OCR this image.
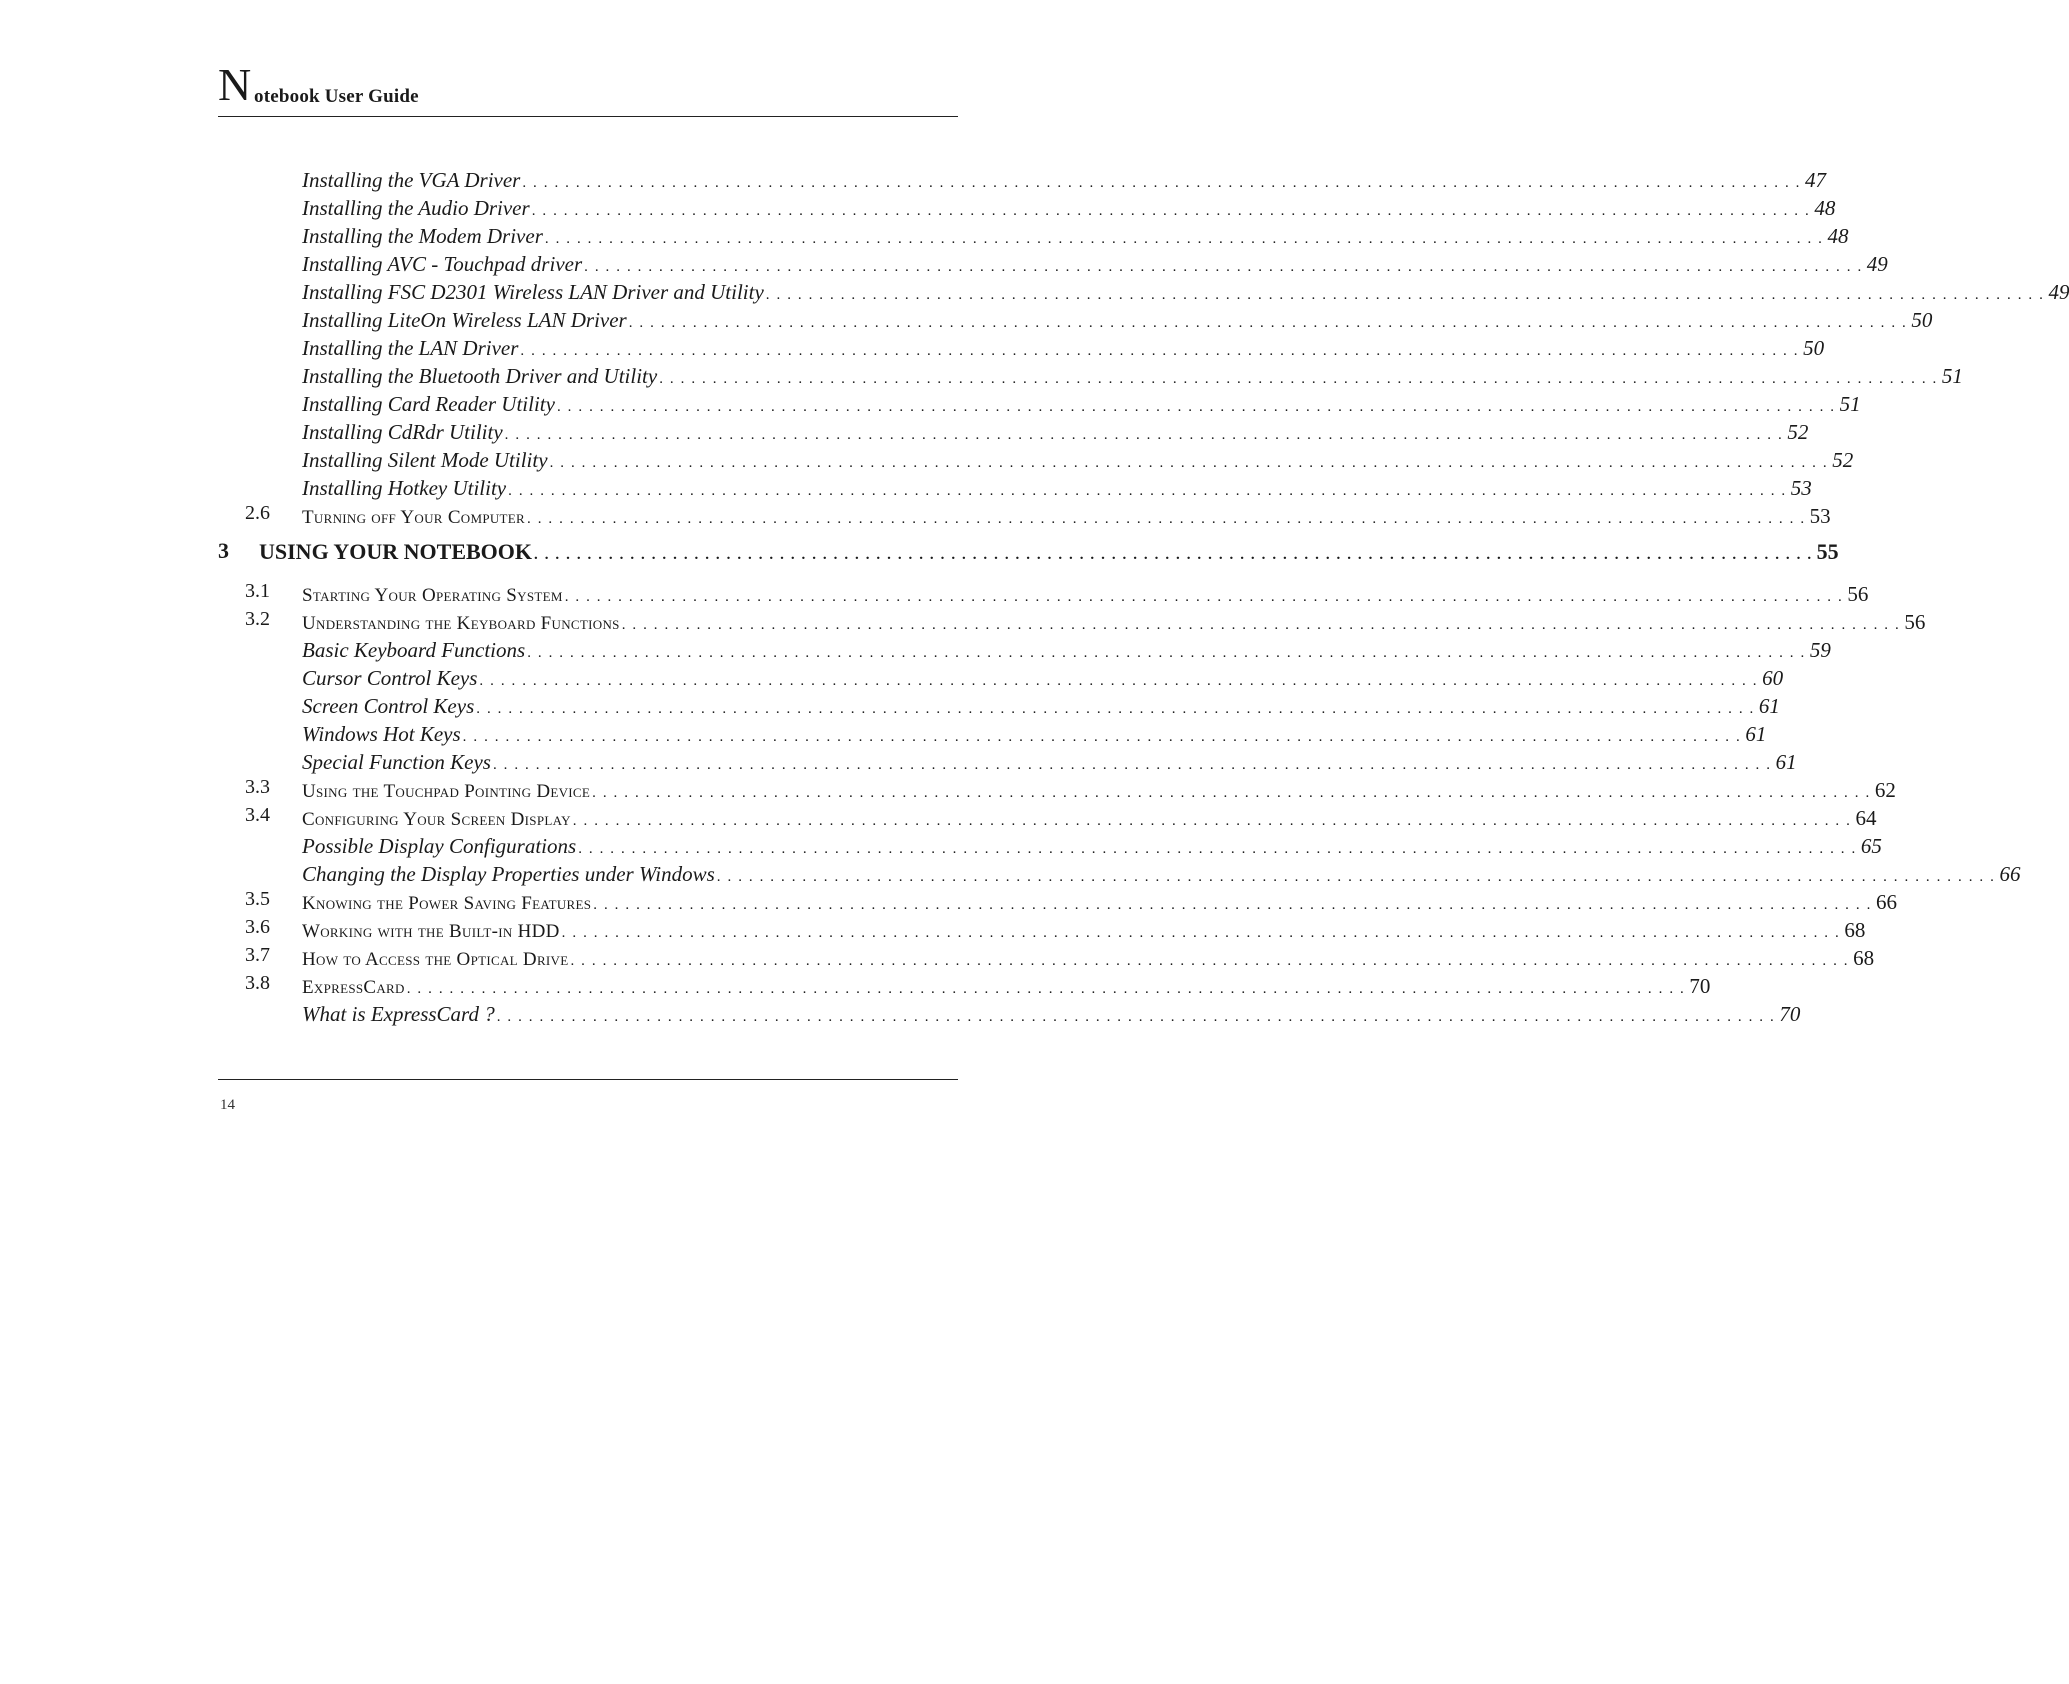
N otebook User Guide
Installing the VGA Driver . . . . . . . . . . . . . . . . . . . . . . . . . . . . . . . . . . . . . . . . . . . . . . . . . . . . . . . . . . . . . . . . . . . . . . . . . . . . . . . . . . . . . . . . . . . . . . . . . . . . . . . . . . . . . . . . . . . . . . . . 47
Installing the Audio Driver . . . . . . . . . . . . . . . . . . . . . . . . . . . . . . . . . . . . . . . . . . . . . . . . . . . . . . . . . . . . . . . . . . . . . . . . . . . . . . . . . . . . . . . . . . . . . . . . . . . . . . . . . . . . . . . . . . . . . . . . 48
Installing the Modem Driver . . . . . . . . . . . . . . . . . . . . . . . . . . . . . . . . . . . . . . . . . . . . . . . . . . . . . . . . . . . . . . . . . . . . . . . . . . . . . . . . . . . . . . . . . . . . . . . . . . . . . . . . . . . . . . . . . . . . . . . . 48
Installing AVC - Touchpad driver . . . . . . . . . . . . . . . . . . . . . . . . . . . . . . . . . . . . . . . . . . . . . . . . . . . . . . . . . . . . . . . . . . . . . . . . . . . . . . . . . . . . . . . . . . . . . . . . . . . . . . . . . . . . . . . . . . . . . . . . 49
Installing FSC D2301 Wireless LAN Driver and Utility . . . . . . . . . . . . . . . . . . . . . . . . . . . . . . . . . . . . . . . . . . . . . . . . . . . . . . . . . . . . . . . . . . . . . . . . . . . . . . . . . . . . . . . . . . . . . . . . . . . . . . . . . . . . . . . . . . . . . . . . 49
Installing LiteOn Wireless LAN Driver . . . . . . . . . . . . . . . . . . . . . . . . . . . . . . . . . . . . . . . . . . . . . . . . . . . . . . . . . . . . . . . . . . . . . . . . . . . . . . . . . . . . . . . . . . . . . . . . . . . . . . . . . . . . . . . . . . . . . . . . 50
Installing the LAN Driver . . . . . . . . . . . . . . . . . . . . . . . . . . . . . . . . . . . . . . . . . . . . . . . . . . . . . . . . . . . . . . . . . . . . . . . . . . . . . . . . . . . . . . . . . . . . . . . . . . . . . . . . . . . . . . . . . . . . . . . . 50
Installing the Bluetooth Driver and Utility . . . . . . . . . . . . . . . . . . . . . . . . . . . . . . . . . . . . . . . . . . . . . . . . . . . . . . . . . . . . . . . . . . . . . . . . . . . . . . . . . . . . . . . . . . . . . . . . . . . . . . . . . . . . . . . . . . . . . . . . 51
Installing Card Reader Utility . . . . . . . . . . . . . . . . . . . . . . . . . . . . . . . . . . . . . . . . . . . . . . . . . . . . . . . . . . . . . . . . . . . . . . . . . . . . . . . . . . . . . . . . . . . . . . . . . . . . . . . . . . . . . . . . . . . . . . . . 51
Installing CdRdr Utility . . . . . . . . . . . . . . . . . . . . . . . . . . . . . . . . . . . . . . . . . . . . . . . . . . . . . . . . . . . . . . . . . . . . . . . . . . . . . . . . . . . . . . . . . . . . . . . . . . . . . . . . . . . . . . . . . . . . . . . . 52
Installing Silent Mode Utility . . . . . . . . . . . . . . . . . . . . . . . . . . . . . . . . . . . . . . . . . . . . . . . . . . . . . . . . . . . . . . . . . . . . . . . . . . . . . . . . . . . . . . . . . . . . . . . . . . . . . . . . . . . . . . . . . . . . . . . . 52
Installing Hotkey Utility . . . . . . . . . . . . . . . . . . . . . . . . . . . . . . . . . . . . . . . . . . . . . . . . . . . . . . . . . . . . . . . . . . . . . . . . . . . . . . . . . . . . . . . . . . . . . . . . . . . . . . . . . . . . . . . . . . . . . . . . 53
2.6 Turning off Your Computer . . . . . . . . . . . . . . . . . . . . . . . . . . . . . . . . . . . . . . . . . . . . . . . . . . . . . . . . . . . . . . . . . . . . . . . . . . . . . . . . . . . . . . . . . . . . . . . . . . . . . . . . . . . . . . . . . . . . . . . . 53
3	USING YOUR NOTEBOOK . . . . . . . . . . . . . . . . . . . . . . . . . . . . . . . . . . . . . . . . . . . . . . . . . . . . . . . . . . . . . . . . . . . . . . . . . . . . . . . . . . . . . . . . . . . . . . . . . . . . . . . . . . . . . . . . . . . . . . . . 55
3.1 Starting Your Operating System . . . . . . . . . . . . . . . . . . . . . . . . . . . . . . . . . . . . . . . . . . . . . . . . . . . . . . . . . . . . . . . . . . . . . . . . . . . . . . . . . . . . . . . . . . . . . . . . . . . . . . . . . . . . . . . . . . . . . . . . 56
3.2 Understanding the Keyboard Functions . . . . . . . . . . . . . . . . . . . . . . . . . . . . . . . . . . . . . . . . . . . . . . . . . . . . . . . . . . . . . . . . . . . . . . . . . . . . . . . . . . . . . . . . . . . . . . . . . . . . . . . . . . . . . . . . . . . . . . . . 56
Basic Keyboard Functions . . . . . . . . . . . . . . . . . . . . . . . . . . . . . . . . . . . . . . . . . . . . . . . . . . . . . . . . . . . . . . . . . . . . . . . . . . . . . . . . . . . . . . . . . . . . . . . . . . . . . . . . . . . . . . . . . . . . . . . . 59
Cursor Control Keys . . . . . . . . . . . . . . . . . . . . . . . . . . . . . . . . . . . . . . . . . . . . . . . . . . . . . . . . . . . . . . . . . . . . . . . . . . . . . . . . . . . . . . . . . . . . . . . . . . . . . . . . . . . . . . . . . . . . . . . . 60
Screen Control Keys . . . . . . . . . . . . . . . . . . . . . . . . . . . . . . . . . . . . . . . . . . . . . . . . . . . . . . . . . . . . . . . . . . . . . . . . . . . . . . . . . . . . . . . . . . . . . . . . . . . . . . . . . . . . . . . . . . . . . . . . 61
Windows Hot Keys . . . . . . . . . . . . . . . . . . . . . . . . . . . . . . . . . . . . . . . . . . . . . . . . . . . . . . . . . . . . . . . . . . . . . . . . . . . . . . . . . . . . . . . . . . . . . . . . . . . . . . . . . . . . . . . . . . . . . . . . 61
Special Function Keys . . . . . . . . . . . . . . . . . . . . . . . . . . . . . . . . . . . . . . . . . . . . . . . . . . . . . . . . . . . . . . . . . . . . . . . . . . . . . . . . . . . . . . . . . . . . . . . . . . . . . . . . . . . . . . . . . . . . . . . . 61
3.3 Using the Touchpad Pointing Device . . . . . . . . . . . . . . . . . . . . . . . . . . . . . . . . . . . . . . . . . . . . . . . . . . . . . . . . . . . . . . . . . . . . . . . . . . . . . . . . . . . . . . . . . . . . . . . . . . . . . . . . . . . . . . . . . . . . . . . . 62
3.4 Configuring Your Screen Display . . . . . . . . . . . . . . . . . . . . . . . . . . . . . . . . . . . . . . . . . . . . . . . . . . . . . . . . . . . . . . . . . . . . . . . . . . . . . . . . . . . . . . . . . . . . . . . . . . . . . . . . . . . . . . . . . . . . . . . . 64
Possible Display Configurations . . . . . . . . . . . . . . . . . . . . . . . . . . . . . . . . . . . . . . . . . . . . . . . . . . . . . . . . . . . . . . . . . . . . . . . . . . . . . . . . . . . . . . . . . . . . . . . . . . . . . . . . . . . . . . . . . . . . . . . . 65
Changing the Display Properties under Windows . . . . . . . . . . . . . . . . . . . . . . . . . . . . . . . . . . . . . . . . . . . . . . . . . . . . . . . . . . . . . . . . . . . . . . . . . . . . . . . . . . . . . . . . . . . . . . . . . . . . . . . . . . . . . . . . . . . . . . . . 66
3.5 Knowing the Power Saving Features . . . . . . . . . . . . . . . . . . . . . . . . . . . . . . . . . . . . . . . . . . . . . . . . . . . . . . . . . . . . . . . . . . . . . . . . . . . . . . . . . . . . . . . . . . . . . . . . . . . . . . . . . . . . . . . . . . . . . . . . 66
3.6 Working with the Built-in HDD . . . . . . . . . . . . . . . . . . . . . . . . . . . . . . . . . . . . . . . . . . . . . . . . . . . . . . . . . . . . . . . . . . . . . . . . . . . . . . . . . . . . . . . . . . . . . . . . . . . . . . . . . . . . . . . . . . . . . . . . 68
3.7 How to Access the Optical Drive . . . . . . . . . . . . . . . . . . . . . . . . . . . . . . . . . . . . . . . . . . . . . . . . . . . . . . . . . . . . . . . . . . . . . . . . . . . . . . . . . . . . . . . . . . . . . . . . . . . . . . . . . . . . . . . . . . . . . . . . 68
3.8 ExpressCard . . . . . . . . . . . . . . . . . . . . . . . . . . . . . . . . . . . . . . . . . . . . . . . . . . . . . . . . . . . . . . . . . . . . . . . . . . . . . . . . . . . . . . . . . . . . . . . . . . . . . . . . . . . . . . . . . . . . . . . . 70
What is ExpressCard ? . . . . . . . . . . . . . . . . . . . . . . . . . . . . . . . . . . . . . . . . . . . . . . . . . . . . . . . . . . . . . . . . . . . . . . . . . . . . . . . . . . . . . . . . . . . . . . . . . . . . . . . . . . . . . . . . . . . . . . . . 70
14
